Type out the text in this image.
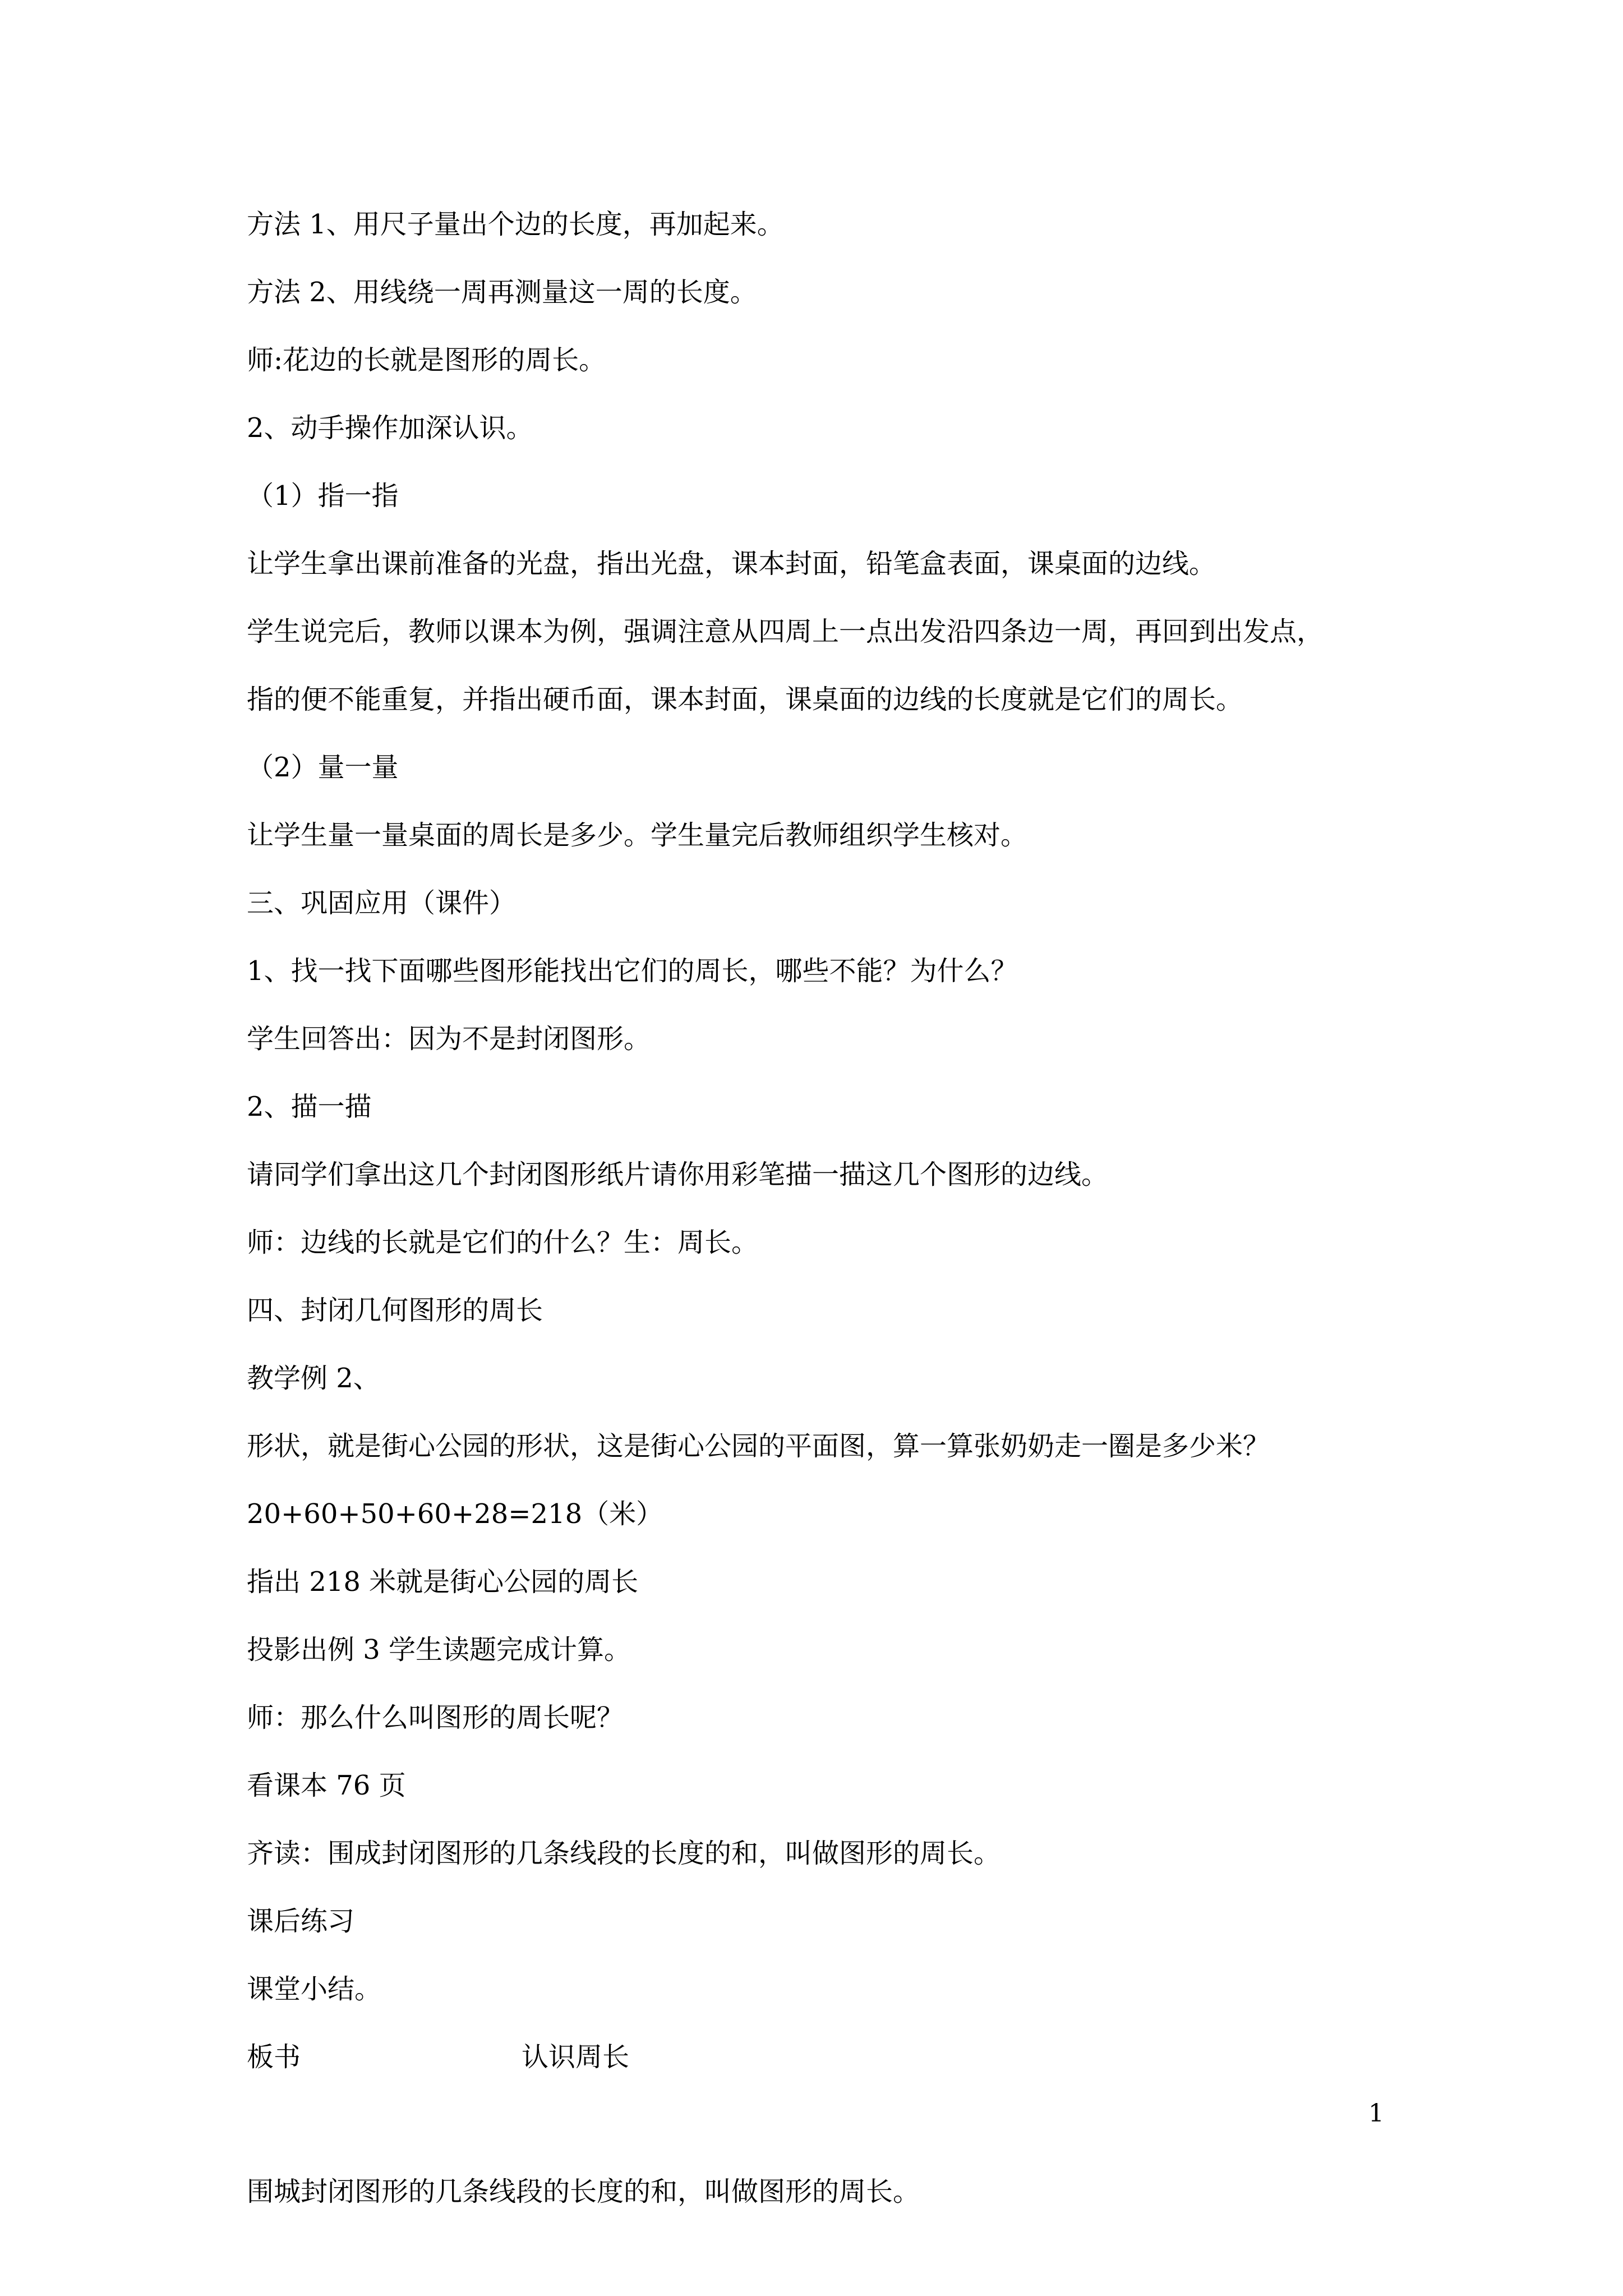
方法 1、用尺子量出个边的长度，再加起来。
方法 2、用线绕一周再测量这一周的长度。
师:花边的长就是图形的周长。
2、动手操作加深认识。
（1）指一指
让学生拿出课前准备的光盘，指出光盘，课本封面，铅笔盒表面，课桌面的边线。
学生说完后，教师以课本为例，强调注意从四周上一点出发沿四条边一周，再回到出发点，
指的便不能重复，并指出硬币面，课本封面，课桌面的边线的长度就是它们的周长。
（2）量一量
让学生量一量桌面的周长是多少。学生量完后教师组织学生核对。
三、巩固应用（课件）
1、找一找下面哪些图形能找出它们的周长，哪些不能？为什么？
学生回答出：因为不是封闭图形。
2、描一描
请同学们拿出这几个封闭图形纸片请你用彩笔描一描这几个图形的边线。
师：边线的长就是它们的什么？生：周长。
四、封闭几何图形的周长
教学例 2、
形状，就是街心公园的形状，这是街心公园的平面图，算一算张奶奶走一圈是多少米？
20+60+50+60+28=218（米）
指出 218 米就是街心公园的周长
投影出例 3 学生读题完成计算。
师：那么什么叫图形的周长呢？
看课本 76 页
齐读：围成封闭图形的几条线段的长度的和，叫做图形的周长。
课后练习
课堂小结。
板书	认识周长
围城封闭图形的几条线段的长度的和，叫做图形的周长。
1
